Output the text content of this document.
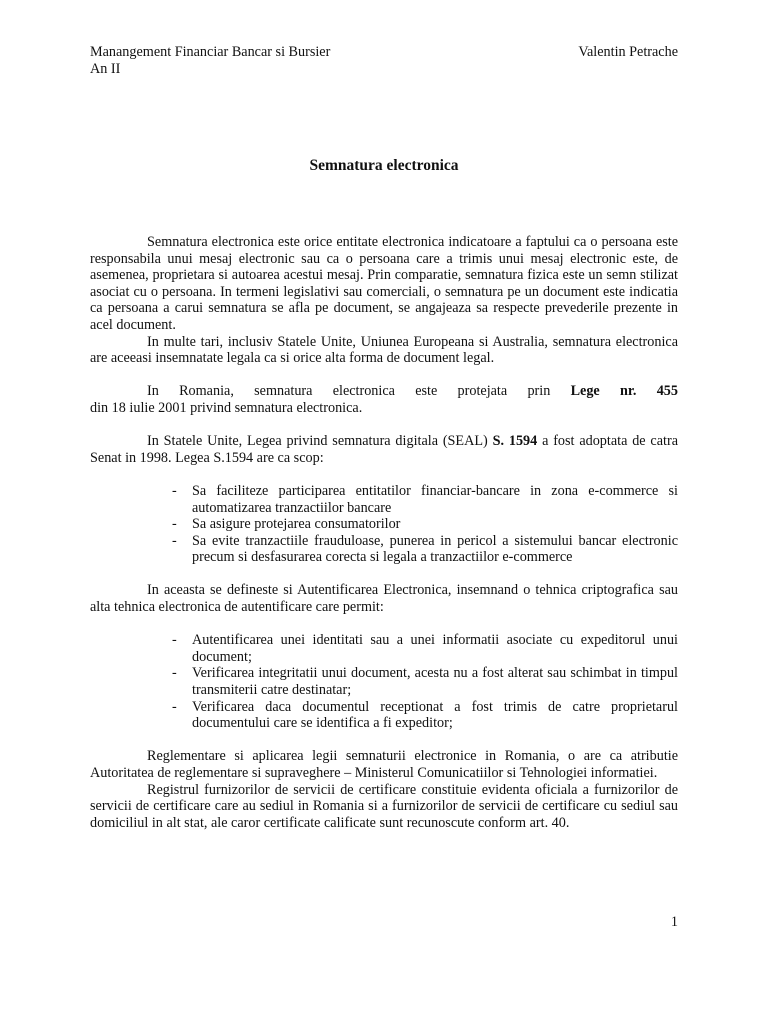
Manangement Financiar Bancar si Bursier	Valentin Petrache
An II
Semnatura electronica

Semnatura electronica este orice entitate electronica indicatoare a faptului ca o persoana este responsabila unui mesaj electronic sau ca o persoana care a trimis unui mesaj electronic este, de asemenea, proprietara si autoarea acestui mesaj. Prin comparatie, semnatura fizica este un semn stilizat asociat cu o persoana. In termeni legislativi sau comerciali, o semnatura pe un document este indicatia ca persoana a carui semnatura se afla pe document, se angajeaza sa respecte prevederile prezente in acel document.

In multe tari, inclusiv Statele Unite, Uniunea Europeana si Australia, semnatura electronica are aceeasi insemnatate legala ca si orice alta forma de document legal.

In Romania, semnatura electronica este protejata prin Lege nr. 455
din 18 iulie 2001 privind semnatura electronica.

In Statele Unite, Legea privind semnatura digitala (SEAL) S. 1594 a fost adoptata de catra Senat in 1998. Legea S.1594 are ca scop:

- Sa faciliteze participarea entitatilor financiar-bancare in zona e-commerce si automatizarea tranzactiilor bancare
- Sa asigure protejarea consumatorilor
- Sa evite tranzactiile frauduloase, punerea in pericol a sistemului bancar electronic precum si desfasurarea corecta si legala a tranzactiilor e-commerce

In aceasta se defineste si Autentificarea Electronica, insemnand o tehnica criptografica sau alta tehnica electronica de autentificare care permit:

- Autentificarea unei identitati sau a unei informatii asociate cu expeditorul unui document;
- Verificarea integritatii unui document, acesta nu a fost alterat sau schimbat in timpul transmiterii catre destinatar;
- Verificarea daca documentul receptionat a fost trimis de catre proprietarul documentului care se identifica a fi expeditor;

Reglementare si aplicarea legii semnaturii electronice in Romania, o are ca atributie Autoritatea de reglementare si supraveghere – Ministerul Comunicatiilor si Tehnologiei informatiei.

Registrul furnizorilor de servicii de certificare constituie evidenta oficiala a furnizorilor de servicii de certificare care au sediul in Romania si a furnizorilor de servicii de certificare cu sediul sau domiciliul in alt stat, ale caror certificate calificate sunt recunoscute conform art. 40.

1
